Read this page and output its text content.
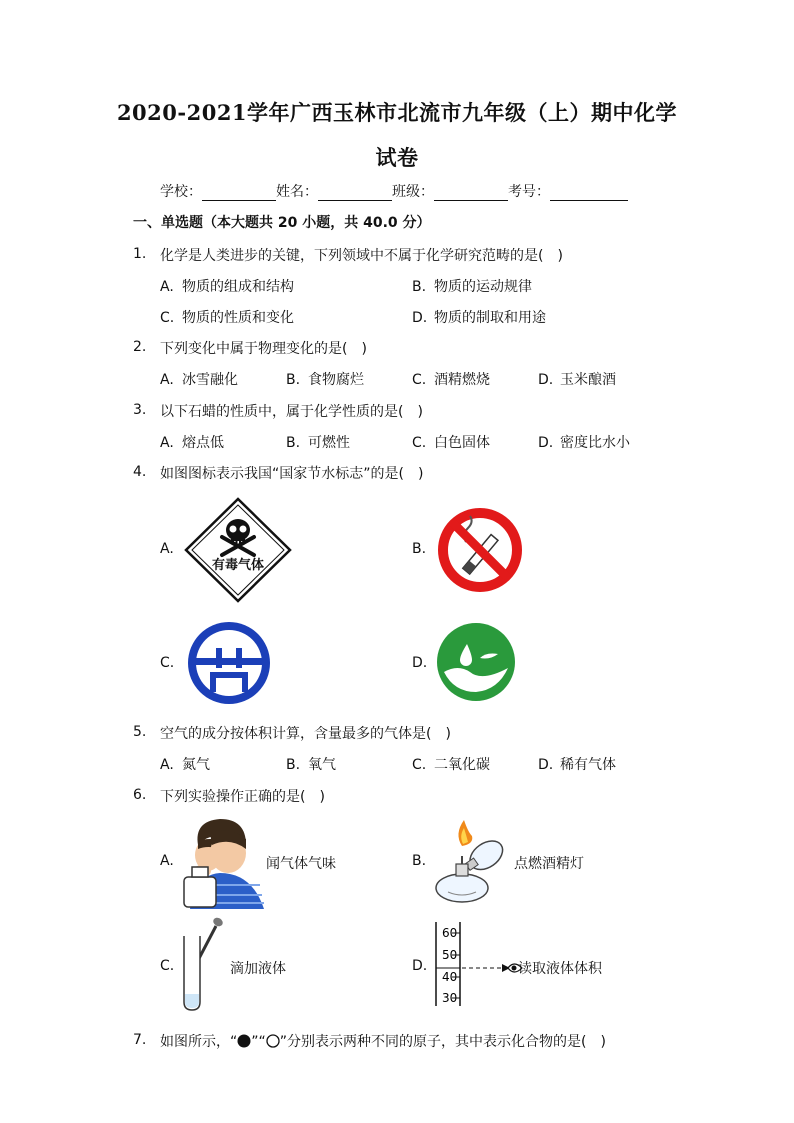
2020-2021学年广西玉林市北流市九年级（上）期中化学
试卷
学校：	姓名：	班级：	考号：
一、单选题（本大题共 20 小题，共 40.0 分）
1. 化学是人类进步的关键，下列领域中不属于化学研究范畴的是(　)
A. 物质的组成和结构	B. 物质的运动规律
C. 物质的性质和变化	D. 物质的制取和用途
2. 下列变化中属于物理变化的是(　)
A. 冰雪融化	B. 食物腐烂	C. 酒精燃烧	D. 玉米酿酒
3. 以下石蜡的性质中，属于化学性质的是(　)
A. 熔点低	B. 可燃性	C. 白色固体	D. 密度比水小
4. 如图图标表示我国“国家节水标志”的是(　)
A.
有毒气体
B.
C.	D.
5. 空气的成分按体积计算，含量最多的气体是(　)
A. 氮气	B. 氧气	C. 二氧化碳	D. 稀有气体
6. 下列实验操作正确的是(　)
A.	闻气体气味	B.	点燃酒精灯
C.	滴加液体	D.
60
50
40
30
读取液体体积
7. 如图所示，“ ”“ ”分别表示两种不同的原子，其中表示化合物的是(　)
